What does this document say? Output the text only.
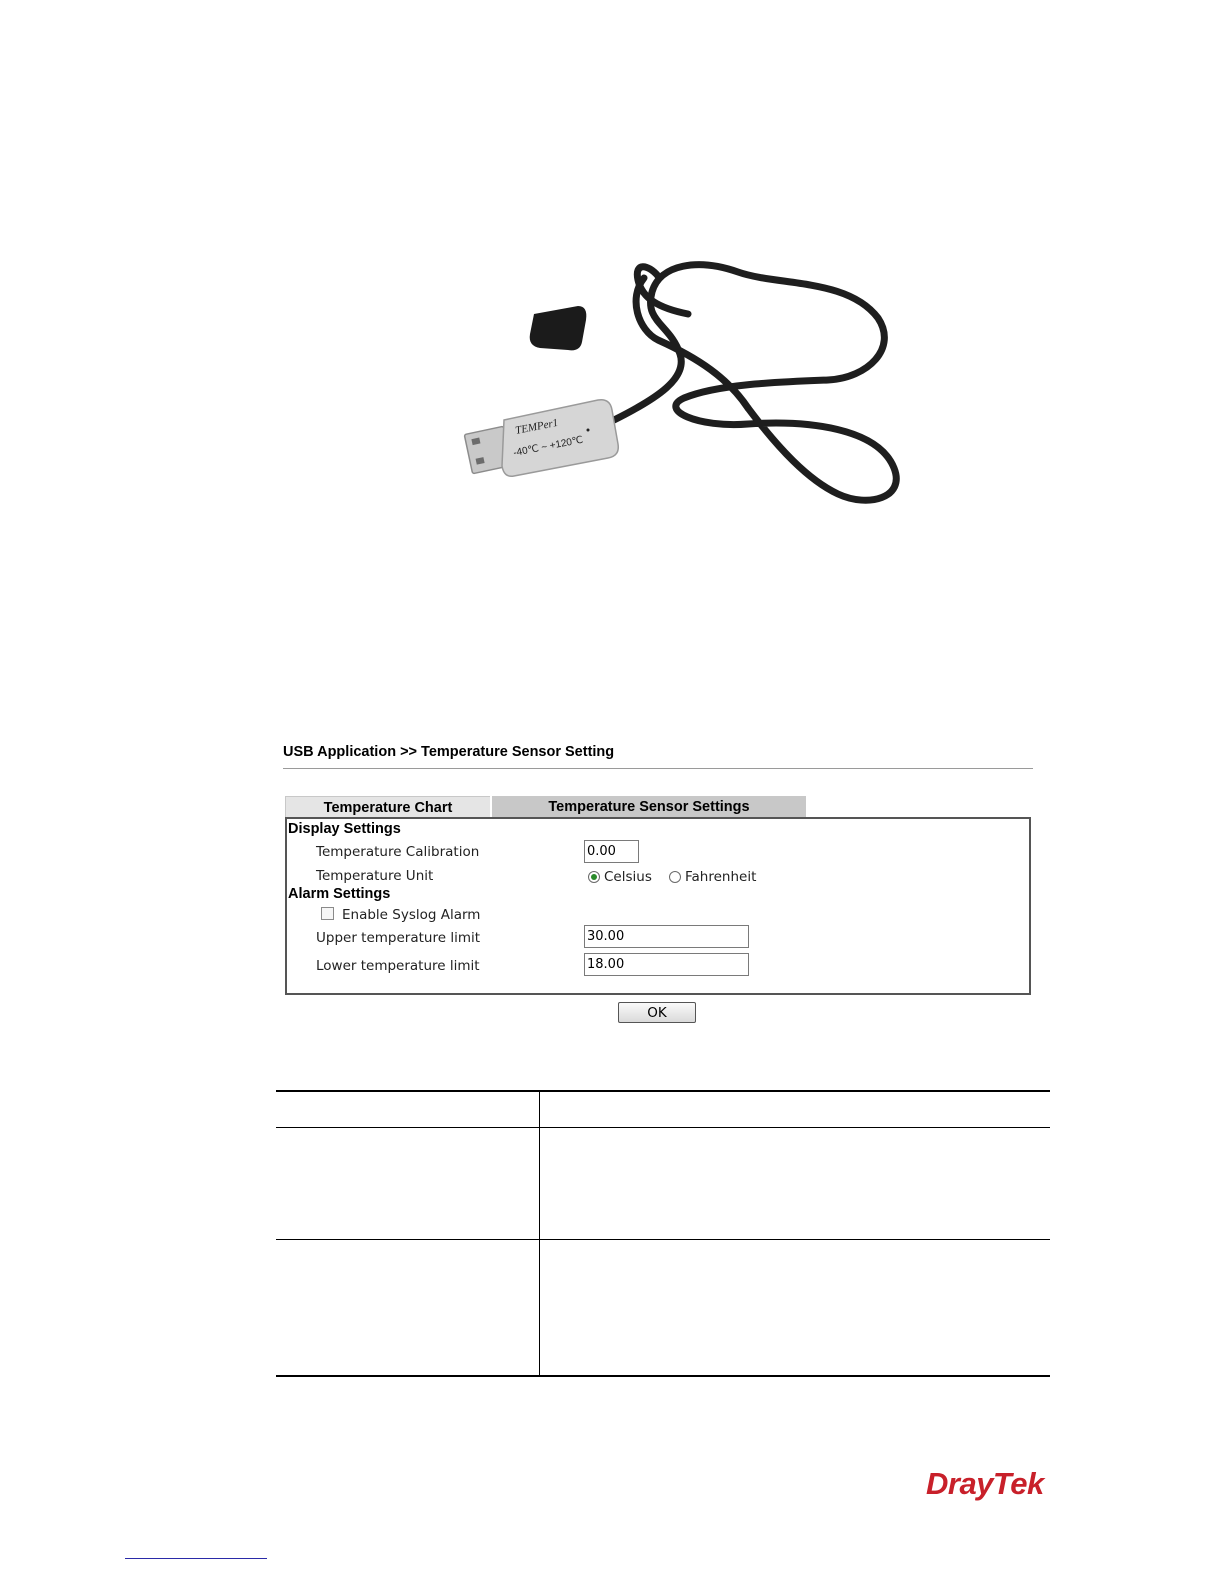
TEMPer1
-40℃ ~ +120℃
USB Application >> Temperature Sensor Setting
Temperature Chart	Temperature Sensor Settings
Display Settings
Temperature Calibration
0.00
Temperature Unit	Celsius Fahrenheit
Alarm Settings
Enable Syslog Alarm
Upper temperature limit
30.00
Lower temperature limit
18.00
OK
DrayTek
